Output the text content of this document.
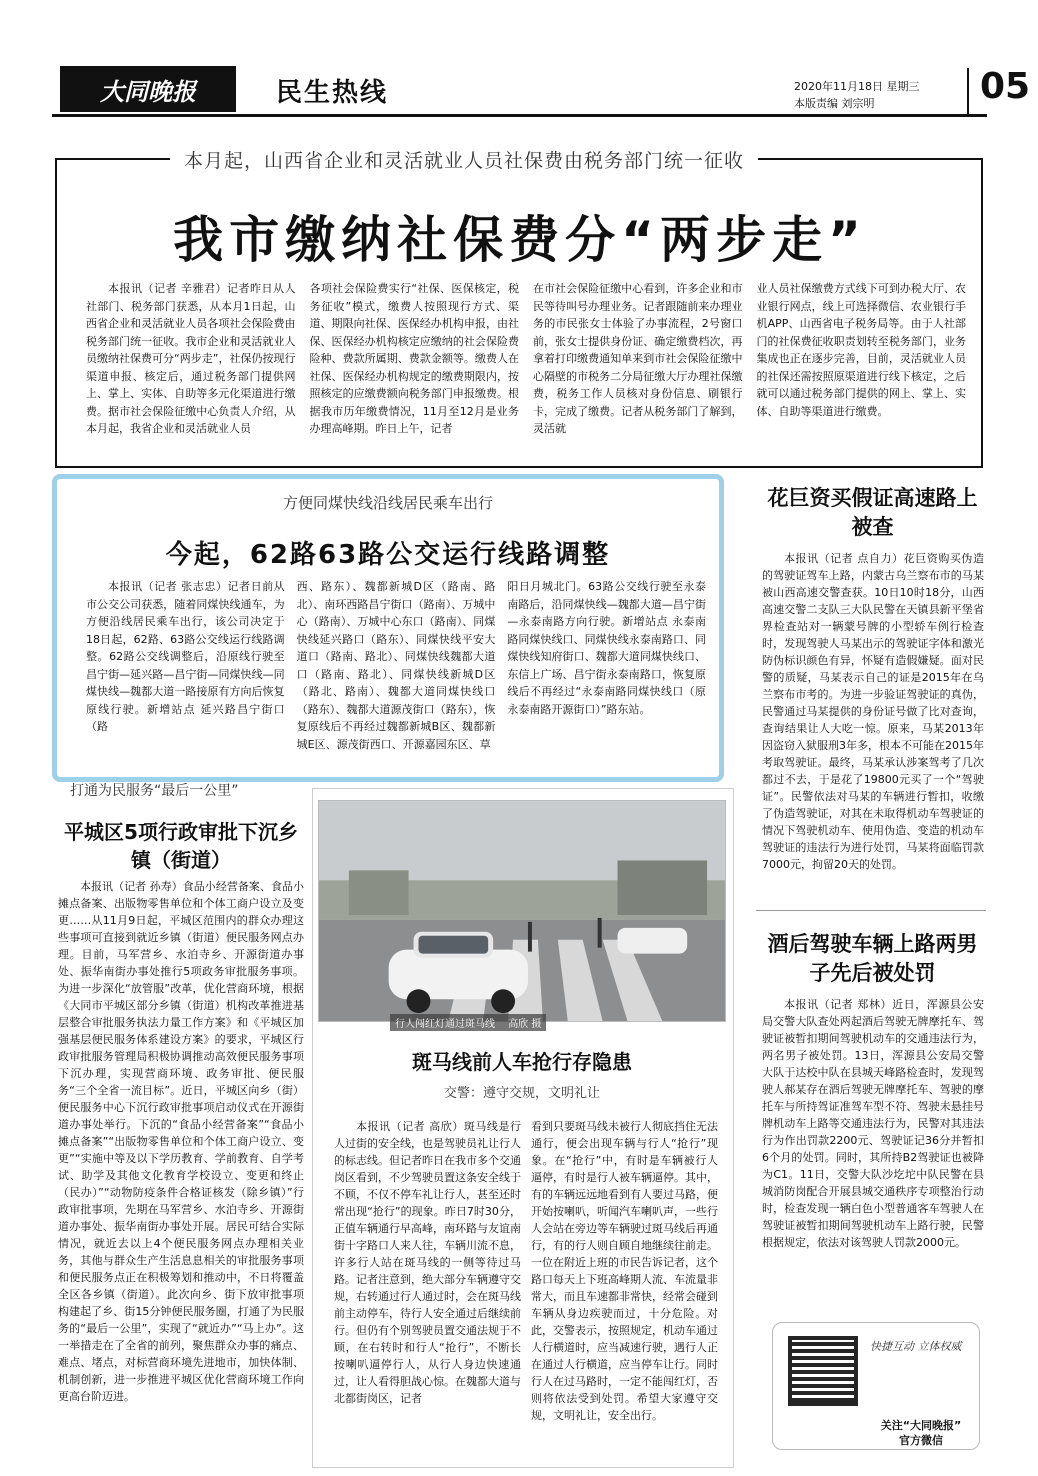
大同晚报	民生热线	2020年11月18日 星期三
本版责编 刘宗明	05
本月起，山西省企业和灵活就业人员社保费由税务部门统一征收
我市缴纳社保费分“两步走”
本报讯（记者 辛雅君）记者昨日从人社部门、税务部门获悉，从本月1日起，山西省企业和灵活就业人员各项社会保险费由税务部门统一征收。我市企业和灵活就业人员缴纳社保费可分“两步走”，社保仍按现行渠道申报、核定后，通过税务部门提供网上、掌上、实体、自助等多元化渠道进行缴费。据市社会保险征缴中心负责人介绍，从本月起，我省企业和灵活就业人员
各项社会保险费实行“社保、医保核定，税务征收”模式，缴费人按照现行方式、渠道、期限向社保、医保经办机构申报，由社保、医保经办机构核定应缴纳的社会保险费险种、费款所属期、费款金额等。缴费人在社保、医保经办机构规定的缴费期限内，按照核定的应缴费额向税务部门申报缴费。根据我市历年缴费情况，11月至12月是业务办理高峰期。昨日上午，记者
在市社会保险征缴中心看到，许多企业和市民等待叫号办理业务。记者跟随前来办理业务的市民张女士体验了办事流程，2号窗口前，张女士提供身份证、确定缴费档次，再拿着打印缴费通知单来到市社会保险征缴中心隔壁的市税务二分局征缴大厅办理社保缴费，税务工作人员核对身份信息、刷银行卡，完成了缴费。记者从税务部门了解到，灵活就
业人员社保缴费方式线下可到办税大厅、农业银行网点，线上可选择微信、农业银行手机APP、山西省电子税务局等。由于人社部门的社保费征收职责划转至税务部门，业务集成也正在逐步完善，目前，灵活就业人员的社保还需按照原渠道进行线下核定，之后就可以通过税务部门提供的网上、掌上、实体、自助等渠道进行缴费。
方便同煤快线沿线居民乘车出行
今起，62路63路公交运行线路调整
本报讯（记者 张志忠）记者日前从市公交公司获悉，随着同煤快线通车，为方便沿线居民乘车出行，该公司决定于18日起，62路、63路公交线运行线路调整。62路公交线调整后，沿原线行驶至昌宁街—延兴路—昌宁街—同煤快线—同煤快线—魏都大道一路接原有方向后恢复原线行驶。新增站点 延兴路昌宁街口（路
西、路东）、魏都新城D区（路南、路北）、南环西路昌宁街口（路南）、万城中心（路南）、万城中心东口（路南）、同煤快线延兴路口（路东）、同煤快线平安大道口（路南、路北）、同煤快线魏都大道口（路南、路北）、同煤快线新城D区（路北、路南）、魏都大道同煤快线口（路东）、魏都大道源茂街口（路东），恢复原线后不再经过魏都新城B区、魏都新城E区、源茂街西口、开源嘉园东区、草
阳日月城北门。63路公交线行驶至永泰南路后，沿同煤快线—魏都大道—昌宁街—永泰南路方向行驶。新增站点 永泰南路同煤快线口、同煤快线永泰南路口、同煤快线知府街口、魏都大道同煤快线口、东信上广场、昌宁街永泰南路口，恢复原线后不再经过“永泰南路同煤快线口（原永泰南路开源街口）”路东站。
花巨资买假证高速路上被查
本报讯（记者 点自力）花巨资购买伪造的驾驶证驾车上路，内蒙古乌兰察布市的马某被山西高速交警查获。10日10时18分，山西高速交警二支队三大队民警在天镇县新平堡省界检查站对一辆蒙号牌的小型轿车例行检查时，发现驾驶人马某出示的驾驶证字体和激光防伪标识颜色有异，怀疑有造假嫌疑。面对民警的质疑，马某表示自己的证是2015年在乌兰察布市考的。为进一步验证驾驶证的真伪，民警通过马某提供的身份证号做了比对查询，查询结果让人大吃一惊。原来，马某2013年因盗窃入狱服刑3年多，根本不可能在2015年考取驾驶证。最终，马某承认涉案驾考了几次都过不去，于是花了19800元买了一个“驾驶证”。民警依法对马某的车辆进行暂扣，收缴了伪造驾驶证，对其在未取得机动车驾驶证的情况下驾驶机动车、使用伪造、变造的机动车驾驶证的违法行为进行处罚，马某将面临罚款7000元，拘留20天的处罚。
酒后驾驶车辆上路两男子先后被处罚
本报讯（记者 郑林）近日，浑源县公安局交警大队查处两起酒后驾驶无牌摩托车、驾驶证被暂扣期间驾驶机动车的交通违法行为，两名男子被处罚。13日，浑源县公安局交警大队于达校中队在县城天峰路检查时，发现驾驶人郝某存在酒后驾驶无牌摩托车、驾驶的摩托车与所持驾证准驾车型不符、驾驶未悬挂号牌机动车上路等交通违法行为，民警对其违法行为作出罚款2200元、驾驶证记36分并暂扣6个月的处罚。同时，其所持B2驾驶证也被降为C1。11日，交警大队沙圪坨中队民警在县城消防岗配合开展县城交通秩序专项整治行动时，检查发现一辆白色小型普通客车驾驶人在驾驶证被暂扣期间驾驶机动车上路行驶，民警根据规定，依法对该驾驶人罚款2000元。
快捷互动 立体权威
关注“大同晚报”
官方微信
打通为民服务“最后一公里”
平城区5项行政审批下沉乡镇（街道）
本报讯（记者 孙寿）食品小经营备案、食品小摊点备案、出版物零售单位和个体工商户设立及变更……从11月9日起，平城区范围内的群众办理这些事项可直接到就近乡镇（街道）便民服务网点办理。目前，马军营乡、水泊寺乡、开源街道办事处、振华南街办事处推行5项政务审批服务事项。为进一步深化“放管服”改革，优化营商环境，根据《大同市平城区部分乡镇（街道）机构改革推进基层整合审批服务执法力量工作方案》和《平城区加强基层便民服务体系建设方案》的要求，平城区行政审批服务管理局积极协调推动高效便民服务事项下沉办理，实现营商环境、政务审批、便民服务“三个全省一流目标”。近日，平城区向乡（街）便民服务中心下沉行政审批事项启动仪式在开源街道办事处举行。下沉的“食品小经营备案”“食品小摊点备案”“出版物零售单位和个体工商户设立、变更”“实施中等及以下学历教育、学前教育、自学考试、助学及其他文化教育学校设立、变更和终止（民办）”“动物防疫条件合格证核发（除乡镇）”行政审批事项，先期在马军营乡、水泊寺乡、开源街道办事处、振华南街办事处开展。居民可结合实际情况，就近去以上4个便民服务网点办理相关业务，其他与群众生产生活息息相关的审批服务事项和便民服务点正在积极筹划和推动中，不日将覆盖全区各乡镇（街道）。此次向乡、街下放审批事项构建起了乡、街15分钟便民服务圈，打通了为民服务的“最后一公里”，实现了“就近办”“马上办”。这一举措走在了全省的前列，聚焦群众办事的痛点、难点、堵点，对标营商环境先进地市，加快体制、机制创新，进一步推进平城区优化营商环境工作向更高台阶迈进。
行人闯红灯通过斑马线  高欣 摄
斑马线前人车抢行存隐患
交警：遵守交规，文明礼让
本报讯（记者 高欣）斑马线是行人过街的安全线，也是驾驶员礼让行人的标志线。但记者昨日在我市多个交通岗区看到，不少驾驶员置这条安全线于不顾，不仅不停车礼让行人，甚至还时常出现“抢行”的现象。昨日7时30分，正值车辆通行早高峰，南环路与友谊南街十字路口人来人往，车辆川流不息，许多行人站在斑马线的一侧等待过马路。记者注意到，绝大部分车辆遵守交规，右转通过行人通过时，会在斑马线前主动停车，待行人安全通过后继续前行。但仍有个别驾驶员置交通法规于不顾，在右转时和行人“抢行”，不断长按喇叭逼停行人，从行人身边快速通过，让人看得胆战心惊。在魏都大道与北都街岗区，记者
看到只要斑马线未被行人彻底挡住无法通行，便会出现车辆与行人“抢行”现象。在“抢行”中，有时是车辆被行人逼停，有时是行人被车辆逼停。其中，有的车辆远远地看到有人要过马路，便开始按喇叭，听闻汽车喇叭声，一些行人会站在旁边等车辆驶过斑马线后再通行，有的行人则自顾自地继续往前走。一位在附近上班的市民告诉记者，这个路口每天上下班高峰期人流、车流量非常大，而且车速都非常快，经常会碰到车辆从身边疾驶而过，十分危险。对此，交警表示，按照规定，机动车通过人行横道时，应当减速行驶，遇行人正在通过人行横道，应当停车让行。同时行人在过马路时，一定不能闯红灯，否则将依法受到处罚。希望大家遵守交规，文明礼让，安全出行。
